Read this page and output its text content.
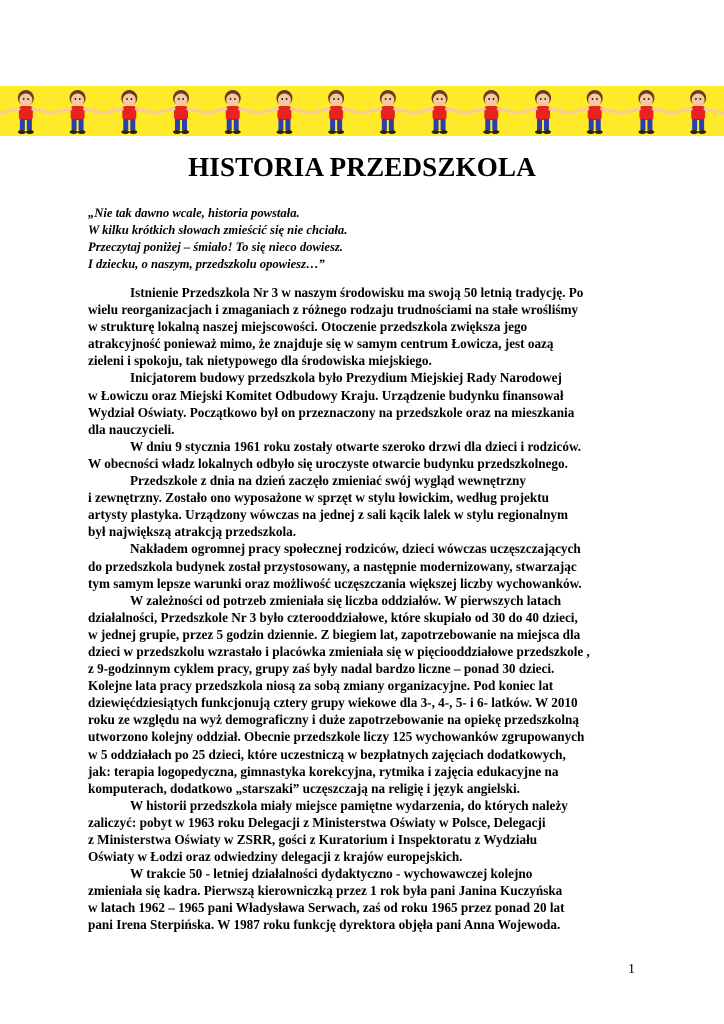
HISTORIA PRZEDSZKOLA
„Nie tak dawno wcale, historia powstała.
W kilku krótkich słowach zmieścić się nie chciała.
Przeczytaj poniżej – śmiało! To się nieco dowiesz.
I dziecku, o naszym, przedszkolu opowiesz…”
Istnienie Przedszkola Nr 3 w naszym środowisku ma swoją 50 letnią tradycję. Po
wielu reorganizacjach i zmaganiach z różnego rodzaju trudnościami na stałe wrośliśmy
w strukturę lokalną naszej miejscowości. Otoczenie przedszkola zwiększa jego
atrakcyjność ponieważ mimo, że znajduje się w samym centrum Łowicza, jest oazą
zieleni i spokoju, tak nietypowego dla środowiska miejskiego.
Inicjatorem budowy przedszkola było Prezydium Miejskiej Rady Narodowej
w Łowiczu oraz Miejski Komitet Odbudowy Kraju. Urządzenie budynku finansował
Wydział Oświaty. Początkowo był on przeznaczony na przedszkole oraz na mieszkania
dla nauczycieli.
W dniu 9 stycznia 1961 roku zostały otwarte szeroko drzwi dla dzieci i rodziców.
W obecności władz lokalnych odbyło się uroczyste otwarcie budynku przedszkolnego.
Przedszkole z dnia na dzień zaczęło zmieniać swój wygląd wewnętrzny
i zewnętrzny. Zostało ono wyposażone w sprzęt w stylu łowickim, według projektu
artysty plastyka. Urządzony wówczas na jednej z sali kącik lalek w stylu regionalnym
był największą atrakcją przedszkola.
Nakładem ogromnej pracy społecznej rodziców, dzieci wówczas uczęszczających
do przedszkola budynek został przystosowany, a następnie modernizowany, stwarzając
tym samym lepsze warunki oraz możliwość uczęszczania większej liczby wychowanków.
W zależności od potrzeb zmieniała się liczba oddziałów. W pierwszych latach
działalności, Przedszkole Nr 3 było czterooddziałowe, które skupiało od 30 do 40 dzieci,
w jednej grupie, przez 5 godzin dziennie. Z biegiem lat, zapotrzebowanie na miejsca dla
dzieci w przedszkolu wzrastało i placówka zmieniała się w pięciooddziałowe przedszkole ,
z 9-godzinnym cyklem pracy, grupy zaś były nadal bardzo liczne – ponad 30 dzieci.
Kolejne lata pracy przedszkola niosą za sobą zmiany organizacyjne. Pod koniec lat
dziewięćdziesiątych funkcjonują cztery grupy wiekowe dla 3-, 4-, 5- i 6- latków. W 2010
roku ze względu na wyż demograficzny i duże zapotrzebowanie na opiekę przedszkolną
utworzono kolejny oddział. Obecnie przedszkole liczy 125 wychowanków zgrupowanych
w 5 oddziałach po 25 dzieci, które uczestniczą w bezpłatnych zajęciach dodatkowych,
jak: terapia logopedyczna, gimnastyka korekcyjna, rytmika i zajęcia edukacyjne na
komputerach, dodatkowo „starszaki” uczęszczają na religię i język angielski.
W historii przedszkola miały miejsce pamiętne wydarzenia, do których należy
zaliczyć: pobyt w 1963 roku Delegacji z Ministerstwa Oświaty w Polsce, Delegacji
z Ministerstwa Oświaty w ZSRR, gości z Kuratorium i Inspektoratu z Wydziału
Oświaty w Łodzi oraz odwiedziny delegacji z krajów europejskich.
W trakcie 50 - letniej działalności dydaktyczno - wychowawczej kolejno
zmieniała się kadra. Pierwszą kierowniczką przez 1 rok była pani Janina Kuczyńska
w latach 1962 – 1965 pani Władysława Serwach, zaś od roku 1965 przez ponad 20 lat
pani Irena Sterpińska. W 1987 roku funkcję dyrektora objęła pani Anna Wojewoda.
1
